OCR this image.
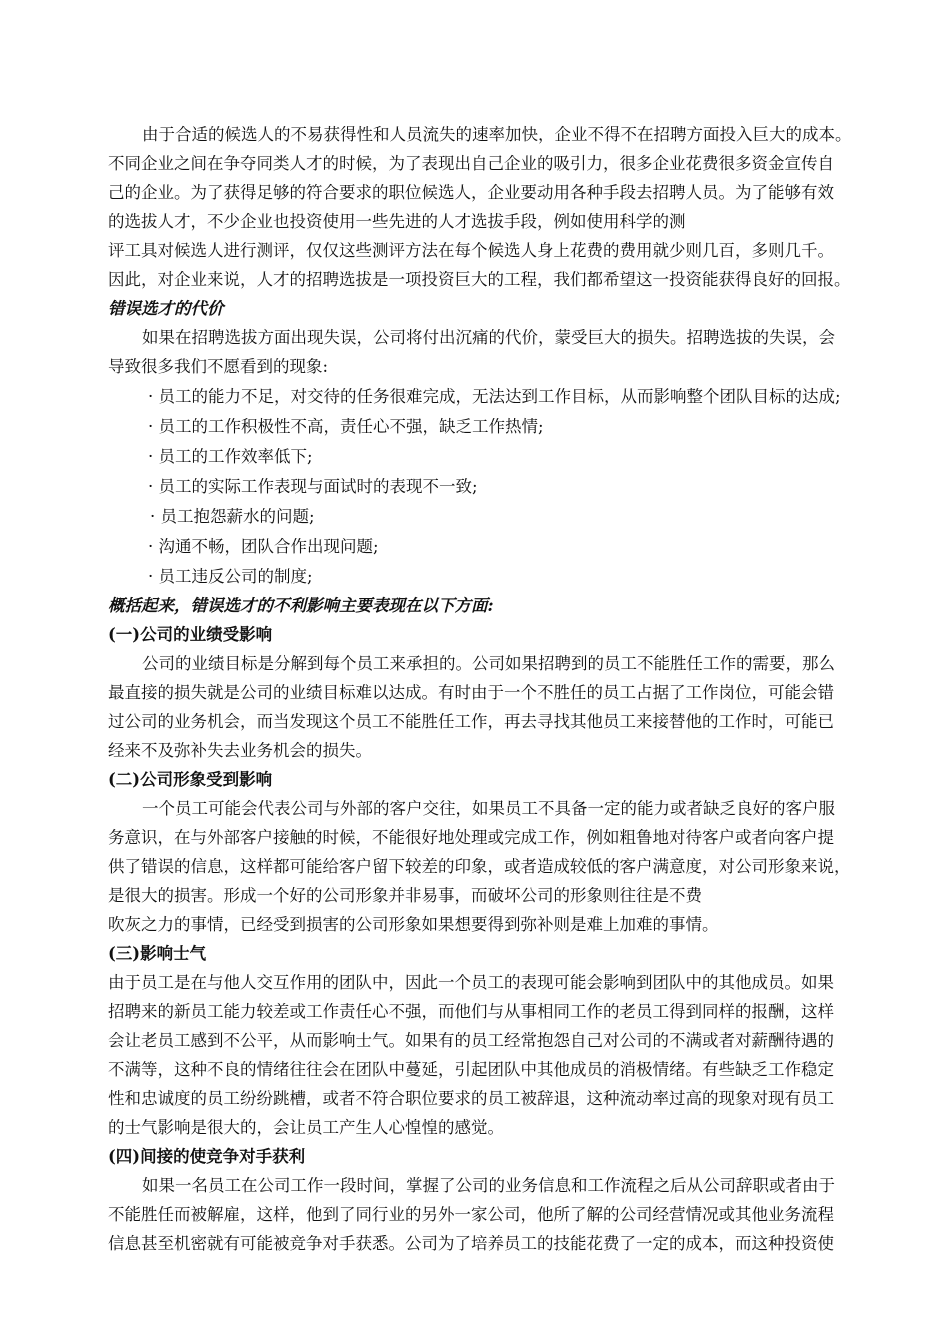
由于合适的候选人的不易获得性和人员流失的速率加快，企业不得不在招聘方面投入巨大的成本。
不同企业之间在争夺同类人才的时候，为了表现出自己企业的吸引力，很多企业花费很多资金宣传自
己的企业。为了获得足够的符合要求的职位候选人，企业要动用各种手段去招聘人员。为了能够有效
的选拔人才，不少企业也投资使用一些先进的人才选拔手段，例如使用科学的测
评工具对候选人进行测评，仅仅这些测评方法在每个候选人身上花费的费用就少则几百，多则几千。
因此，对企业来说，人才的招聘选拔是一项投资巨大的工程，我们都希望这一投资能获得良好的回报。
错误选才的代价
如果在招聘选拔方面出现失误，公司将付出沉痛的代价，蒙受巨大的损失。招聘选拔的失误，会
导致很多我们不愿看到的现象:
· 员工的能力不足，对交待的任务很难完成，无法达到工作目标，从而影响整个团队目标的达成;
· 员工的工作积极性不高，责任心不强，缺乏工作热情;
· 员工的工作效率低下;
· 员工的实际工作表现与面试时的表现不一致;
· 员工抱怨薪水的问题;
· 沟通不畅，团队合作出现问题;
· 员工违反公司的制度;
概括起来，错误选才的不利影响主要表现在以下方面:
(一)公司的业绩受影响
公司的业绩目标是分解到每个员工来承担的。公司如果招聘到的员工不能胜任工作的需要，那么
最直接的损失就是公司的业绩目标难以达成。有时由于一个不胜任的员工占据了工作岗位，可能会错
过公司的业务机会，而当发现这个员工不能胜任工作，再去寻找其他员工来接替他的工作时，可能已
经来不及弥补失去业务机会的损失。
(二)公司形象受到影响
一个员工可能会代表公司与外部的客户交往，如果员工不具备一定的能力或者缺乏良好的客户服
务意识，在与外部客户接触的时候，不能很好地处理或完成工作，例如粗鲁地对待客户或者向客户提
供了错误的信息，这样都可能给客户留下较差的印象，或者造成较低的客户满意度，对公司形象来说，
是很大的损害。形成一个好的公司形象并非易事，而破坏公司的形象则往往是不费
吹灰之力的事情，已经受到损害的公司形象如果想要得到弥补则是难上加难的事情。
(三)影响士气
由于员工是在与他人交互作用的团队中，因此一个员工的表现可能会影响到团队中的其他成员。如果
招聘来的新员工能力较差或工作责任心不强，而他们与从事相同工作的老员工得到同样的报酬，这样
会让老员工感到不公平，从而影响士气。如果有的员工经常抱怨自己对公司的不满或者对薪酬待遇的
不满等，这种不良的情绪往往会在团队中蔓延，引起团队中其他成员的消极情绪。有些缺乏工作稳定
性和忠诚度的员工纷纷跳槽，或者不符合职位要求的员工被辞退，这种流动率过高的现象对现有员工
的士气影响是很大的，会让员工产生人心惶惶的感觉。
(四)间接的使竞争对手获利
如果一名员工在公司工作一段时间，掌握了公司的业务信息和工作流程之后从公司辞职或者由于
不能胜任而被解雇，这样，他到了同行业的另外一家公司，他所了解的公司经营情况或其他业务流程
信息甚至机密就有可能被竞争对手获悉。公司为了培养员工的技能花费了一定的成本，而这种投资使
